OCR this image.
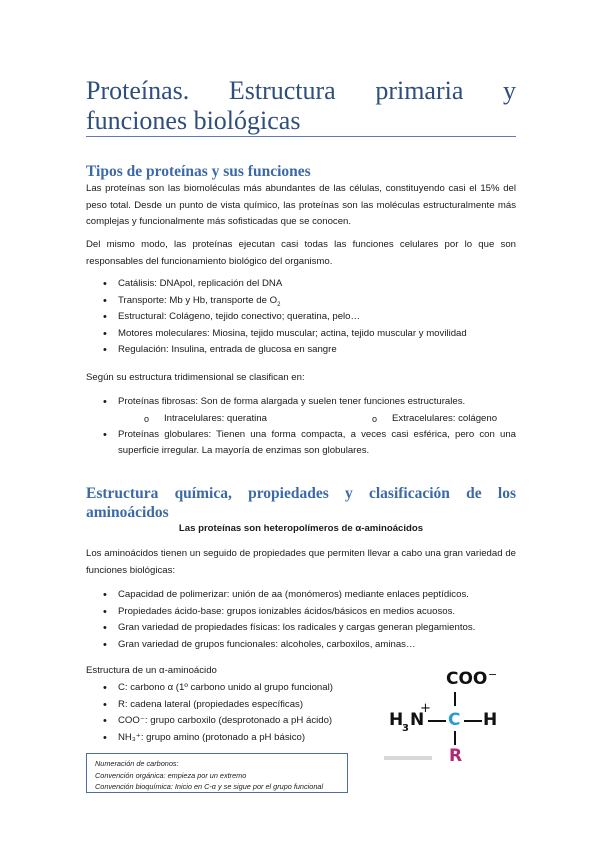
Proteínas. Estructura primaria y funciones biológicas
Tipos de proteínas y sus funciones

Las proteínas son las biomoléculas más abundantes de las células, constituyendo casi el 15% del peso total. Desde un punto de vista químico, las proteínas son las moléculas estructuralmente más complejas y funcionalmente más sofisticadas que se conocen.

Del mismo modo, las proteínas ejecutan casi todas las funciones celulares por lo que son responsables del funcionamiento biológico del organismo.

• Catálisis: DNApol, replicación del DNA
• Transporte: Mb y Hb, transporte de $O_2$
• Estructural: Colágeno, tejido conectivo; queratina, pelo…
• Motores moleculares: Miosina, tejido muscular; actina, tejido muscular y movilidad
• Regulación: Insulina, entrada de glucosa en sangre

Según su estructura tridimensional se clasifican en:

• Proteínas fibrosas: Son de forma alargada y suelen tener funciones estructurales.
o Intracelulares: queratina	o Extracelulares: colágeno
• Proteínas globulares: Tienen una forma compacta, a veces casi esférica, pero con una superficie irregular. La mayoría de enzimas son globulares.
Estructura química, propiedades y clasificación de los aminoácidos

Las proteínas son heteropolímeros de α-aminoácidos

Los aminoácidos tienen un seguido de propiedades que permiten llevar a cabo una gran variedad de funciones biológicas:

• Capacidad de polimerizar: unión de aa (monómeros) mediante enlaces peptídicos.
• Propiedades ácido-base: grupos ionizables ácidos/básicos en medios acuosos.
• Gran variedad de propiedades físicas: los radicales y cargas generan plegamientos.
• Gran variedad de grupos funcionales: alcoholes, carboxilos, aminas…

Estructura de un α-aminoácido

• C: carbono α (1º carbono unido al grupo funcional)
• R: cadena lateral (propiedades específicas)
• COO⁻: grupo carboxilo (desprotonado a pH ácido)
• NH₃⁺: grupo amino (protonado a pH básico)
Numeración de carbonos:
Convención orgánica: empieza por un extremo
Convención bioquímica: Inicio en C-α y se sigue por el grupo funcional
COO −
+
H
3 N C H
R
